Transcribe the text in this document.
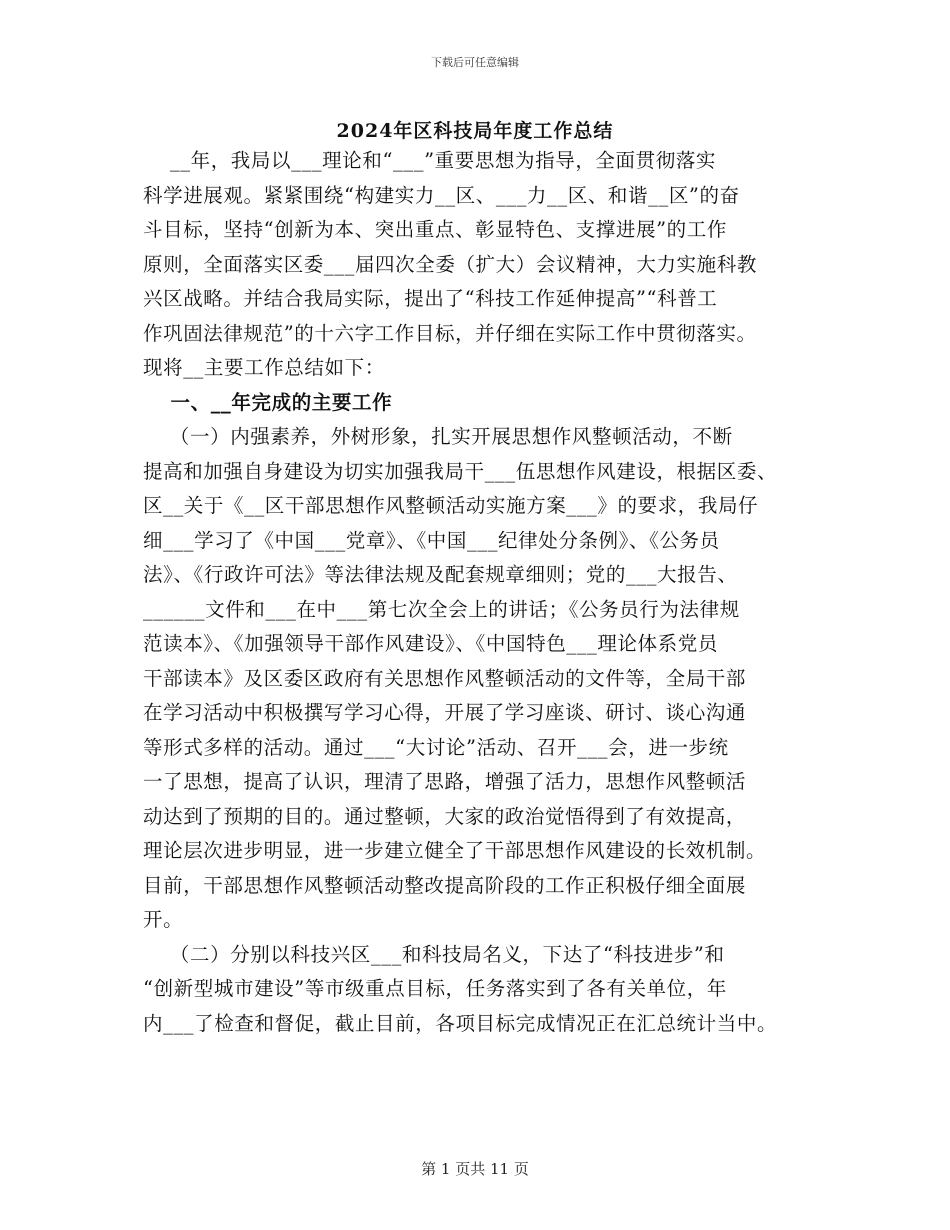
下载后可任意编辑
2024年区科技局年度工作总结
　 __年，我局以___理论和“___”重要思想为指导，全面贯彻落实
科学进展观。紧紧围绕“构建实力__区、___力__区、和谐__区”的奋
斗目标，坚持“创新为本、突出重点、彰显特色、支撑进展”的工作
原则，全面落实区委___届四次全委（扩大）会议精神，大力实施科教
兴区战略。并结合我局实际，提出了“科技工作延伸提高”“科普工
作巩固法律规范”的十六字工作目标，并仔细在实际工作中贯彻落实。
现将__主要工作总结如下：
　 一、__年完成的主要工作
　 （一）内强素养，外树形象，扎实开展思想作风整顿活动，不断
提高和加强自身建设为切实加强我局干___伍思想作风建设，根据区委、
区__关于《__区干部思想作风整顿活动实施方案___》的要求，我局仔
细___学习了《中国___党章》、《中国___纪律处分条例》、《公务员
法》、《行政许可法》等法律法规及配套规章细则；党的___大报告、
______文件和___在中___第七次全会上的讲话；《公务员行为法律规
范读本》、《加强领导干部作风建设》、《中国特色___理论体系党员
干部读本》及区委区政府有关思想作风整顿活动的文件等，全局干部
在学习活动中积极撰写学习心得，开展了学习座谈、研讨、谈心沟通
等形式多样的活动。通过___“大讨论”活动、召开___会，进一步统
一了思想，提高了认识，理清了思路，增强了活力，思想作风整顿活
动达到了预期的目的。通过整顿，大家的政治觉悟得到了有效提高，
理论层次进步明显，进一步建立健全了干部思想作风建设的长效机制。
目前，干部思想作风整顿活动整改提高阶段的工作正积极仔细全面展
开。
　 （二）分别以科技兴区___和科技局名义，下达了“科技进步”和
“创新型城市建设”等市级重点目标，任务落实到了各有关单位，年
内___了检查和督促，截止目前，各项目标完成情况正在汇总统计当中。
第 1 页共 11 页
